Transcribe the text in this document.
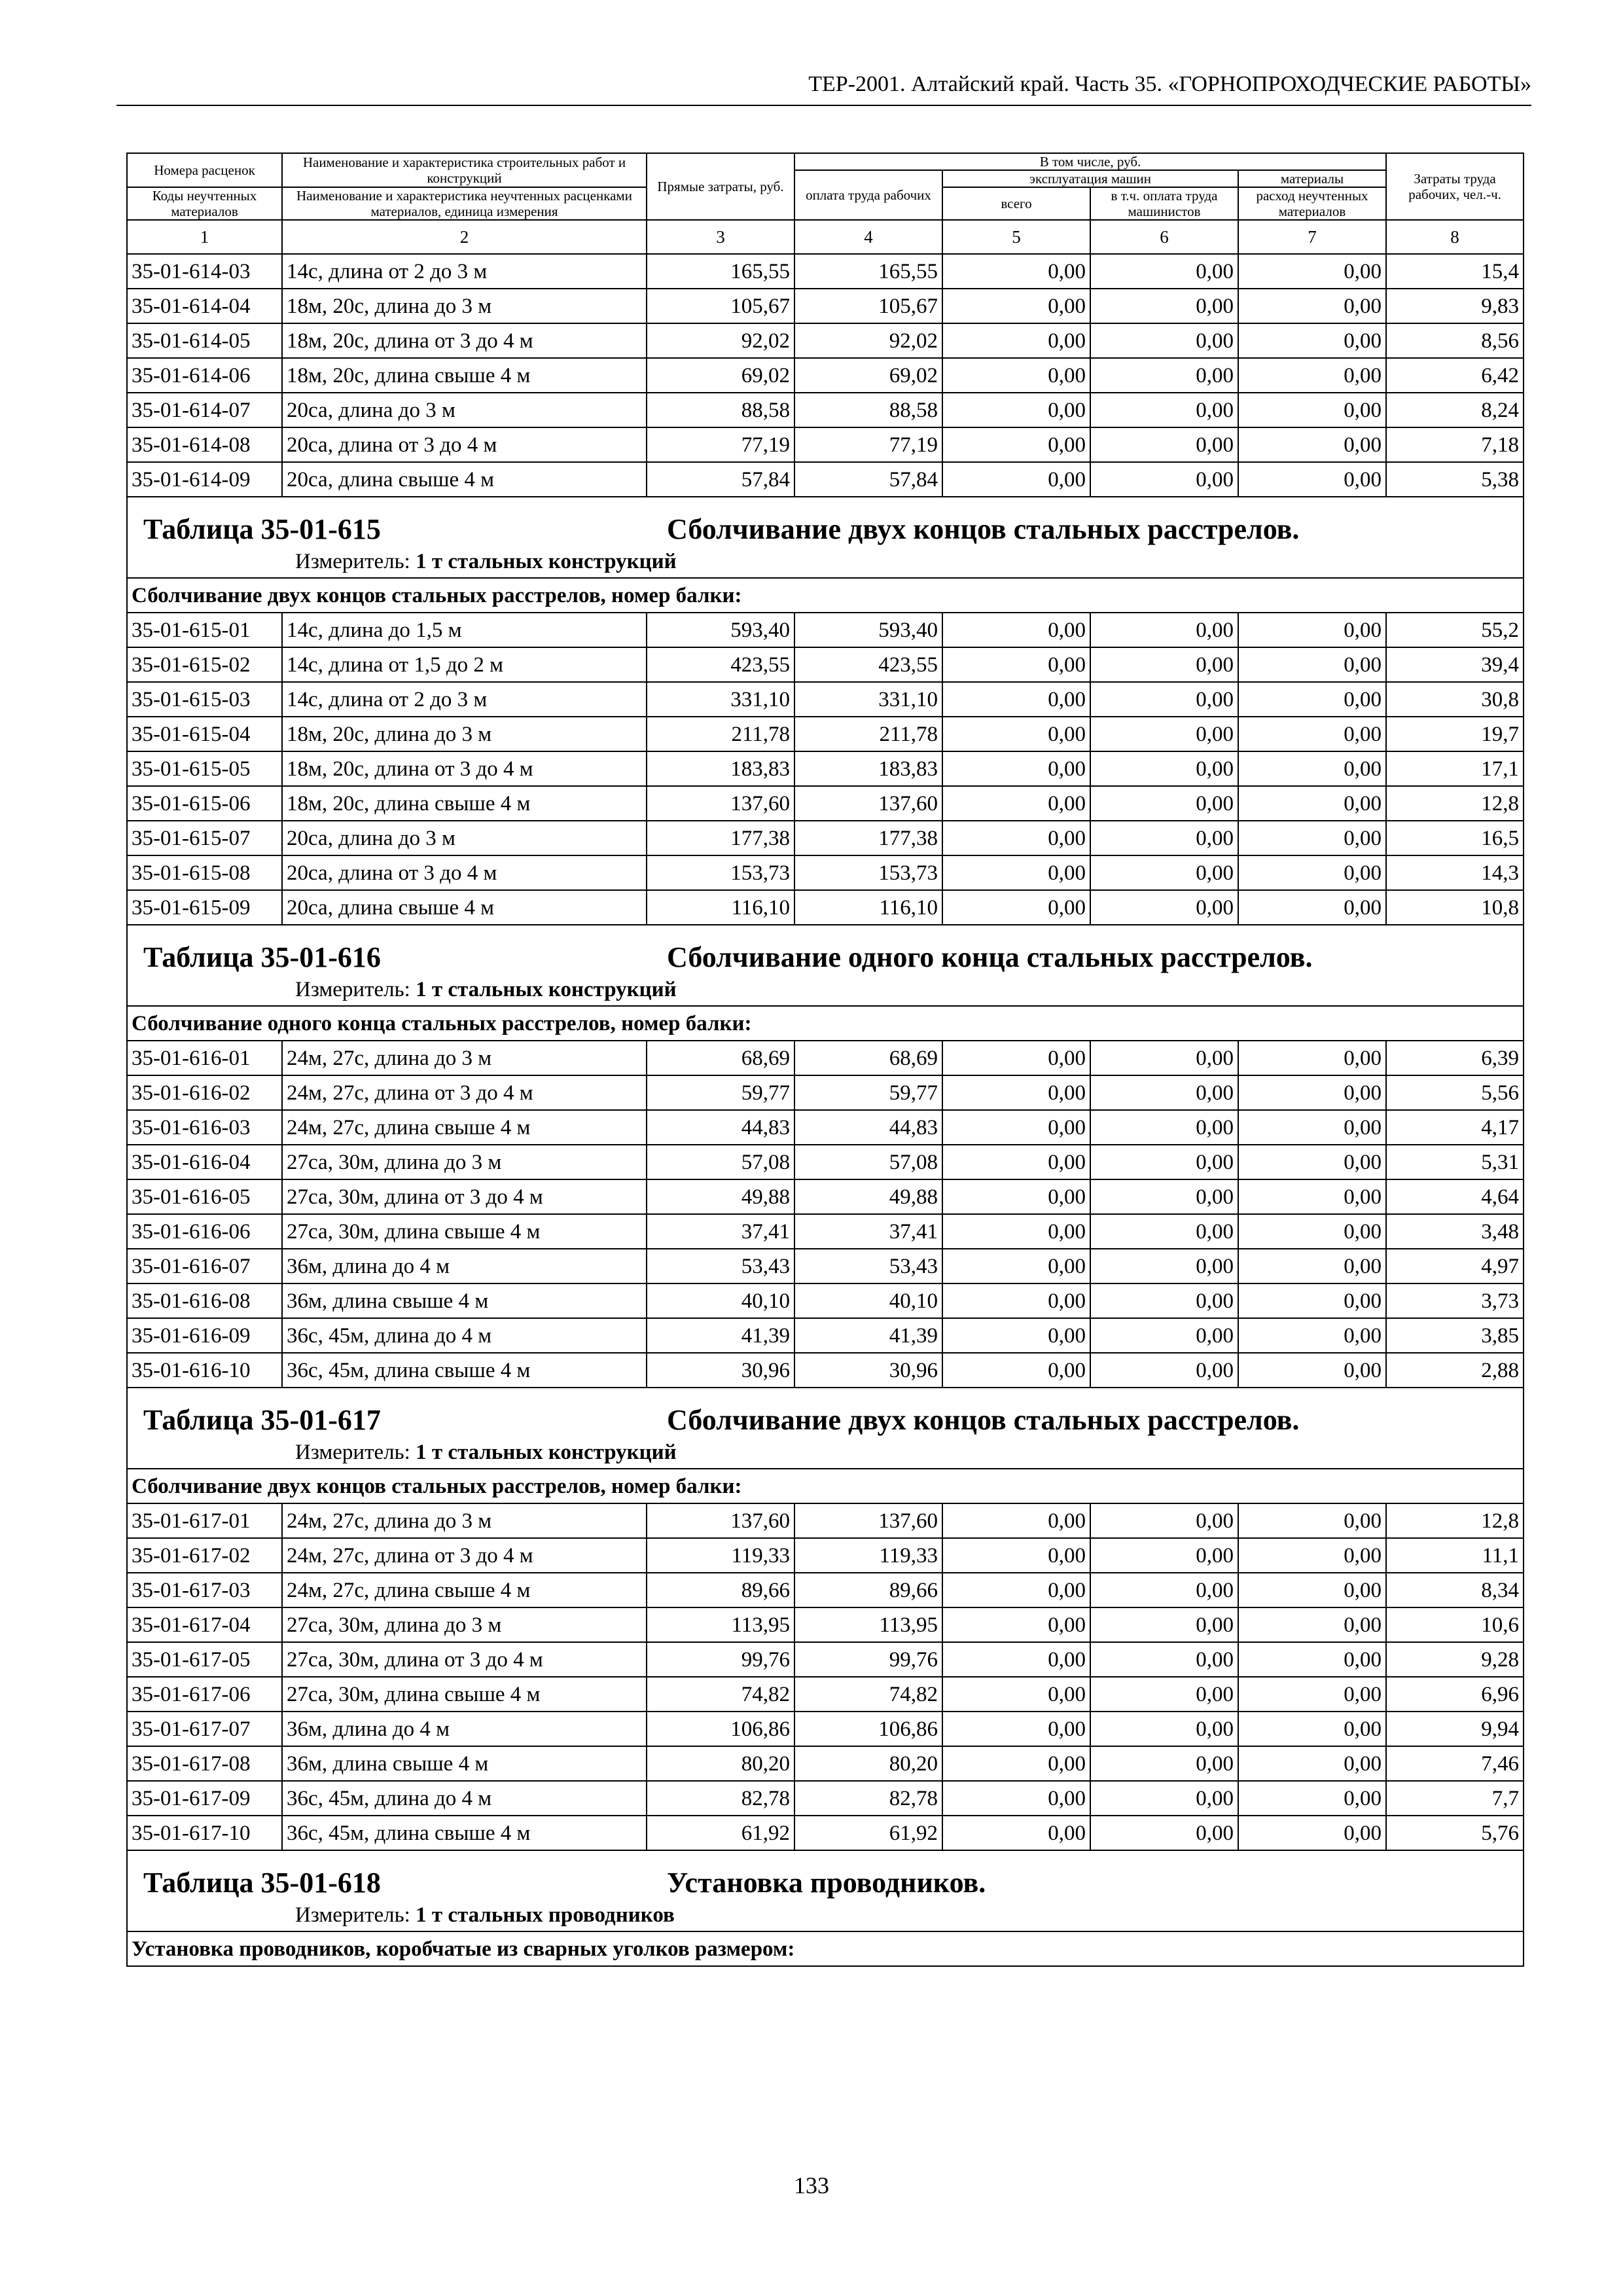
ТЕР-2001. Алтайский край. Часть 35. «ГОРНОПРОХОДЧЕСКИЕ РАБОТЫ»
Номера расценок	Наименование и характеристика строительных работ и конструкций	Прямые затраты, руб.	В том числе, руб.				Затраты труда рабочих, чел.-ч.
			оплата труда рабочих	эксплуатация машин		материалы	
Коды неучтенных материалов	Наименование и характеристика неучтенных расценками материалов, единица измерения			всего	в т.ч. оплата труда машинистов	расход неучтенных материалов	
1	2	3	4	5	6	7	8
35-01-614-03	14с, длина от 2 до 3 м	165,55	165,55	0,00	0,00	0,00	15,4
35-01-614-04	18м, 20с, длина до 3 м	105,67	105,67	0,00	0,00	0,00	9,83
35-01-614-05	18м, 20с, длина от 3 до 4 м	92,02	92,02	0,00	0,00	0,00	8,56
35-01-614-06	18м, 20с, длина свыше 4 м	69,02	69,02	0,00	0,00	0,00	6,42
35-01-614-07	20са, длина до 3 м	88,58	88,58	0,00	0,00	0,00	8,24
35-01-614-08	20са, длина от 3 до 4 м	77,19	77,19	0,00	0,00	0,00	7,18
35-01-614-09	20са, длина свыше 4 м	57,84	57,84	0,00	0,00	0,00	5,38

Таблица 35-01-615 Сболчивание двух концов стальных расстрелов.
Измеритель: 1 т стальных конструкций							

Сболчивание двух концов стальных расстрелов, номер балки:							
35-01-615-01	14с, длина до 1,5 м	593,40	593,40	0,00	0,00	0,00	55,2
35-01-615-02	14с, длина от 1,5 до 2 м	423,55	423,55	0,00	0,00	0,00	39,4
35-01-615-03	14с, длина от 2 до 3 м	331,10	331,10	0,00	0,00	0,00	30,8
35-01-615-04	18м, 20с, длина до 3 м	211,78	211,78	0,00	0,00	0,00	19,7
35-01-615-05	18м, 20с, длина от 3 до 4 м	183,83	183,83	0,00	0,00	0,00	17,1
35-01-615-06	18м, 20с, длина свыше 4 м	137,60	137,60	0,00	0,00	0,00	12,8
35-01-615-07	20са, длина до 3 м	177,38	177,38	0,00	0,00	0,00	16,5
35-01-615-08	20са, длина от 3 до 4 м	153,73	153,73	0,00	0,00	0,00	14,3
35-01-615-09	20са, длина свыше 4 м	116,10	116,10	0,00	0,00	0,00	10,8

Таблица 35-01-616 Сболчивание одного конца стальных расстрелов.
Измеритель: 1 т стальных конструкций							

Сболчивание одного конца стальных расстрелов, номер балки:							
35-01-616-01	24м, 27с, длина до 3 м	68,69	68,69	0,00	0,00	0,00	6,39
35-01-616-02	24м, 27с, длина от 3 до 4 м	59,77	59,77	0,00	0,00	0,00	5,56
35-01-616-03	24м, 27с, длина свыше 4 м	44,83	44,83	0,00	0,00	0,00	4,17
35-01-616-04	27са, 30м, длина до 3 м	57,08	57,08	0,00	0,00	0,00	5,31
35-01-616-05	27са, 30м, длина от 3 до 4 м	49,88	49,88	0,00	0,00	0,00	4,64
35-01-616-06	27са, 30м, длина свыше 4 м	37,41	37,41	0,00	0,00	0,00	3,48
35-01-616-07	36м, длина до 4 м	53,43	53,43	0,00	0,00	0,00	4,97
35-01-616-08	36м, длина свыше 4 м	40,10	40,10	0,00	0,00	0,00	3,73
35-01-616-09	36с, 45м, длина до 4 м	41,39	41,39	0,00	0,00	0,00	3,85
35-01-616-10	36с, 45м, длина свыше 4 м	30,96	30,96	0,00	0,00	0,00	2,88

Таблица 35-01-617 Сболчивание двух концов стальных расстрелов.
Измеритель: 1 т стальных конструкций							

Сболчивание двух концов стальных расстрелов, номер балки:							
35-01-617-01	24м, 27с, длина до 3 м	137,60	137,60	0,00	0,00	0,00	12,8
35-01-617-02	24м, 27с, длина от 3 до 4 м	119,33	119,33	0,00	0,00	0,00	11,1
35-01-617-03	24м, 27с, длина свыше 4 м	89,66	89,66	0,00	0,00	0,00	8,34
35-01-617-04	27са, 30м, длина до 3 м	113,95	113,95	0,00	0,00	0,00	10,6
35-01-617-05	27са, 30м, длина от 3 до 4 м	99,76	99,76	0,00	0,00	0,00	9,28
35-01-617-06	27са, 30м, длина свыше 4 м	74,82	74,82	0,00	0,00	0,00	6,96
35-01-617-07	36м, длина до 4 м	106,86	106,86	0,00	0,00	0,00	9,94
35-01-617-08	36м, длина свыше 4 м	80,20	80,20	0,00	0,00	0,00	7,46
35-01-617-09	36с, 45м, длина до 4 м	82,78	82,78	0,00	0,00	0,00	7,7
35-01-617-10	36с, 45м, длина свыше 4 м	61,92	61,92	0,00	0,00	0,00	5,76

Таблица 35-01-618 Установка проводников.
Измеритель: 1 т стальных проводников							

Установка проводников, коробчатые из сварных уголков размером:							
133
